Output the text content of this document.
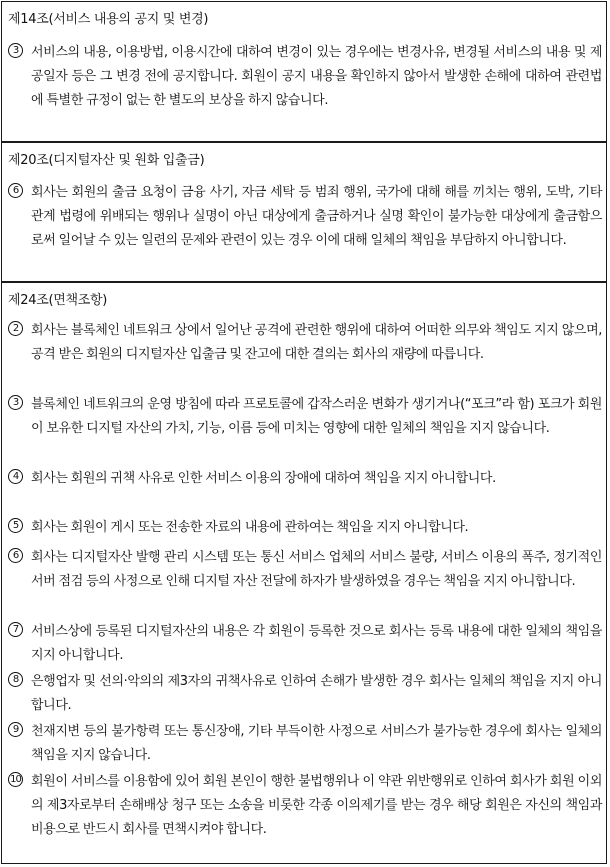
제14조(서비스 내용의 공지 및 변경)
3 서비스의 내용, 이용방법, 이용시간에 대하여 변경이 있는 경우에는 변경사유, 변경될 서비스의 내용 및 제공일자 등은 그 변경 전에 공지합니다. 회원이 공지 내용을 확인하지 않아서 발생한 손해에 대하여 관련법에 특별한 규정이 없는 한 별도의 보상을 하지 않습니다.
제20조(디지털자산 및 원화 입출금)
6 회사는 회원의 출금 요청이 금융 사기, 자금 세탁 등 범죄 행위, 국가에 대해 해를 끼치는 행위, 도박, 기타 관계 법령에 위배되는 행위나 실명이 아닌 대상에게 출금하거나 실명 확인이 불가능한 대상에게 출금함으로써 일어날 수 있는 일련의 문제와 관련이 있는 경우 이에 대해 일체의 책임을 부담하지 아니합니다.
제24조(면책조항)
2 회사는 블록체인 네트워크 상에서 일어난 공격에 관련한 행위에 대하여 어떠한 의무와 책임도 지지 않으며, 공격 받은 회원의 디지털자산 입출금 및 잔고에 대한 결의는 회사의 재량에 따릅니다.
3 블록체인 네트워크의 운영 방침에 따라 프로토콜에 갑작스러운 변화가 생기거나(“포크”라 함) 포크가 회원이 보유한 디지털 자산의 가치, 기능, 이름 등에 미치는 영향에 대한 일체의 책임을 지지 않습니다.
4 회사는 회원의 귀책 사유로 인한 서비스 이용의 장애에 대하여 책임을 지지 아니합니다.
5 회사는 회원이 게시 또는 전송한 자료의 내용에 관하여는 책임을 지지 아니합니다.
6 회사는 디지털자산 발행 관리 시스템 또는 통신 서비스 업체의 서비스 불량, 서비스 이용의 폭주, 정기적인 서버 점검 등의 사정으로 인해 디지털 자산 전달에 하자가 발생하였을 경우는 책임을 지지 아니합니다.
7 서비스상에 등록된 디지털자산의 내용은 각 회원이 등록한 것으로 회사는 등록 내용에 대한 일체의 책임을 지지 아니합니다.
8 은행업자 및 선의·악의의 제3자의 귀책사유로 인하여 손해가 발생한 경우 회사는 일체의 책임을 지지 아니합니다.
9 천재지변 등의 불가항력 또는 통신장애, 기타 부득이한 사정으로 서비스가 불가능한 경우에 회사는 일체의 책임을 지지 않습니다.
10 회원이 서비스를 이용함에 있어 회원 본인이 행한 불법행위나 이 약관 위반행위로 인하여 회사가 회원 이외의 제3자로부터 손해배상 청구 또는 소송을 비롯한 각종 이의제기를 받는 경우 해당 회원은 자신의 책임과 비용으로 반드시 회사를 면책시켜야 합니다.
